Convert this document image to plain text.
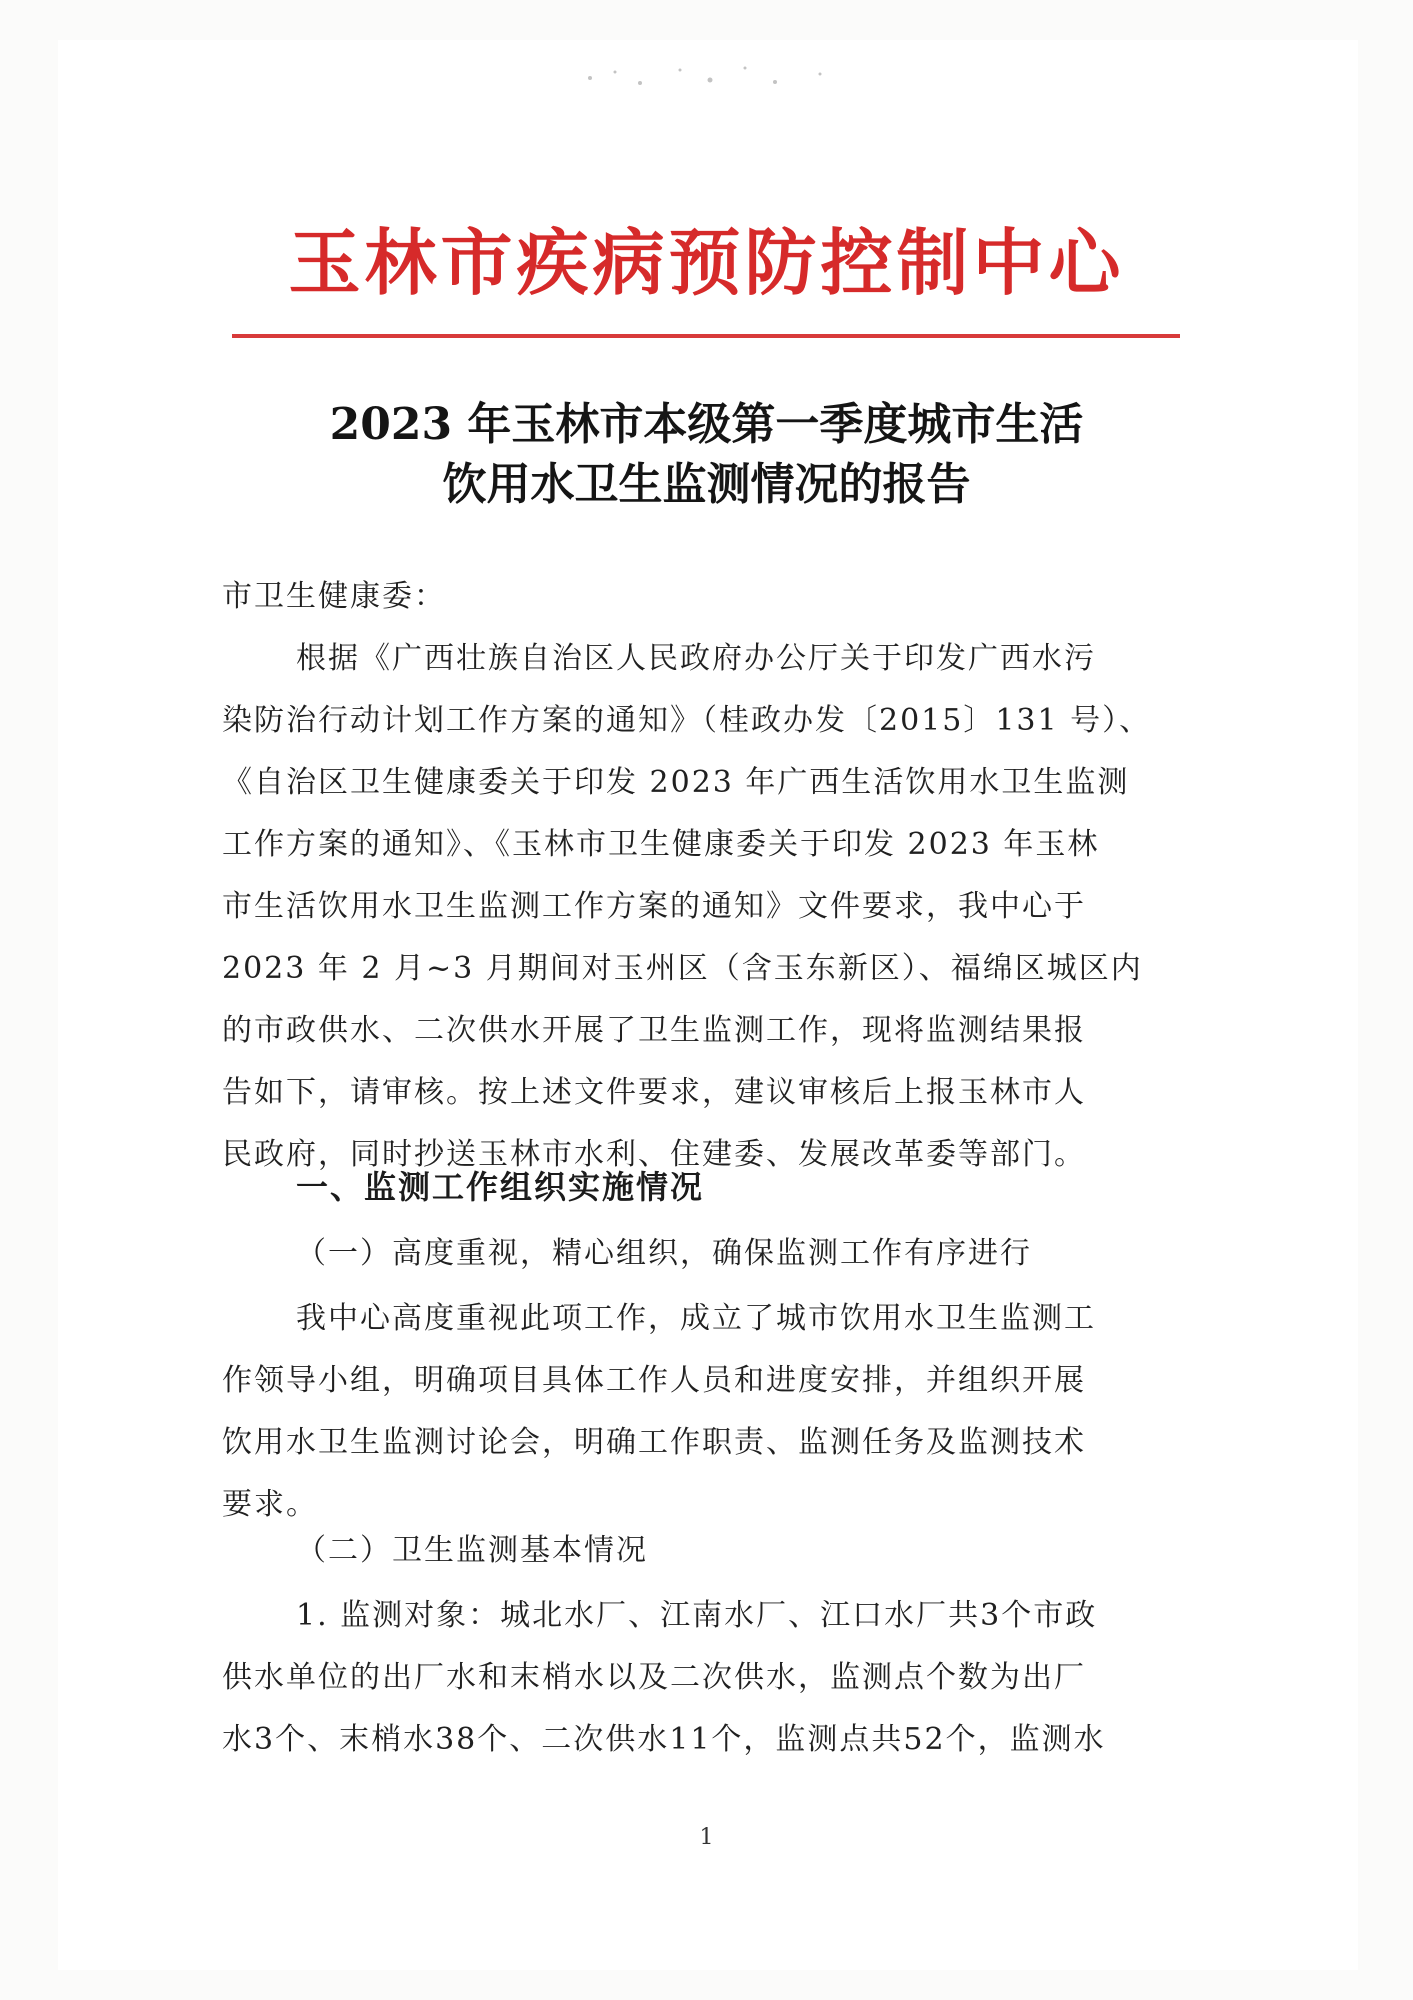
玉林市疾病预防控制中心
2023 年玉林市本级第一季度城市生活
饮用水卫生监测情况的报告
市卫生健康委：
根据《广西壮族自治区人民政府办公厅关于印发广西水污
染防治行动计划工作方案的通知》（桂政办发〔2015〕131 号）、
《自治区卫生健康委关于印发 2023 年广西生活饮用水卫生监测
工作方案的通知》、《玉林市卫生健康委关于印发 2023 年玉林
市生活饮用水卫生监测工作方案的通知》文件要求，我中心于
2023 年 2 月~3 月期间对玉州区（含玉东新区）、福绵区城区内
的市政供水、二次供水开展了卫生监测工作，现将监测结果报
告如下，请审核。按上述文件要求，建议审核后上报玉林市人
民政府，同时抄送玉林市水利、住建委、发展改革委等部门。
一、监测工作组织实施情况
（一）高度重视，精心组织，确保监测工作有序进行
我中心高度重视此项工作，成立了城市饮用水卫生监测工
作领导小组，明确项目具体工作人员和进度安排，并组织开展
饮用水卫生监测讨论会，明确工作职责、监测任务及监测技术
要求。
（二）卫生监测基本情况
1. 监测对象：城北水厂、江南水厂、江口水厂共3个市政
供水单位的出厂水和末梢水以及二次供水，监测点个数为出厂
水3个、末梢水38个、二次供水11个，监测点共52个，监测水
1
